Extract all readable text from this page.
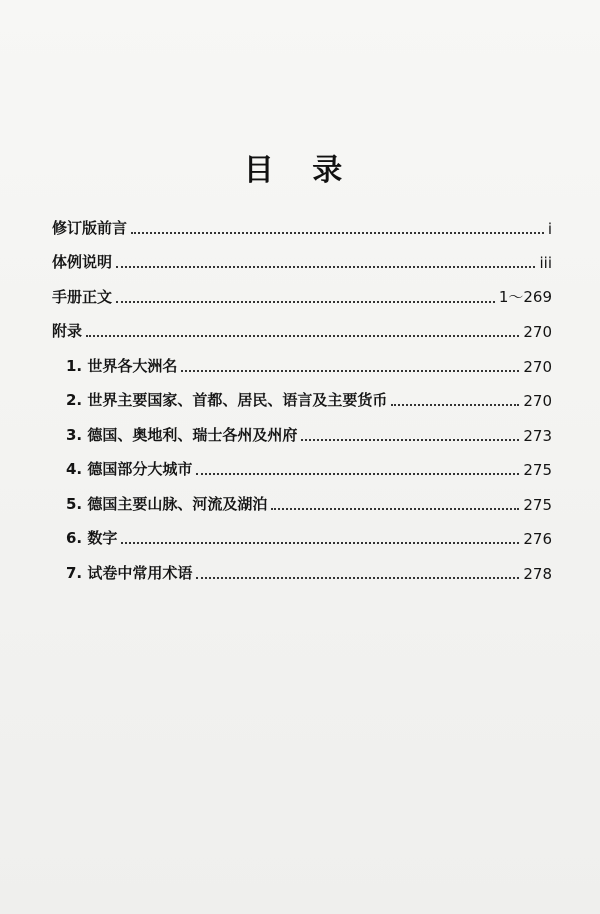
目 录
修订版前言	i
体例说明	iii
手册正文	1～269
附录	270
1. 世界各大洲名	270
2. 世界主要国家、首都、居民、语言及主要货币	270
3. 德国、奥地利、瑞士各州及州府	273
4. 德国部分大城市	275
5. 德国主要山脉、河流及湖泊	275
6. 数字	276
7. 试卷中常用术语	278
